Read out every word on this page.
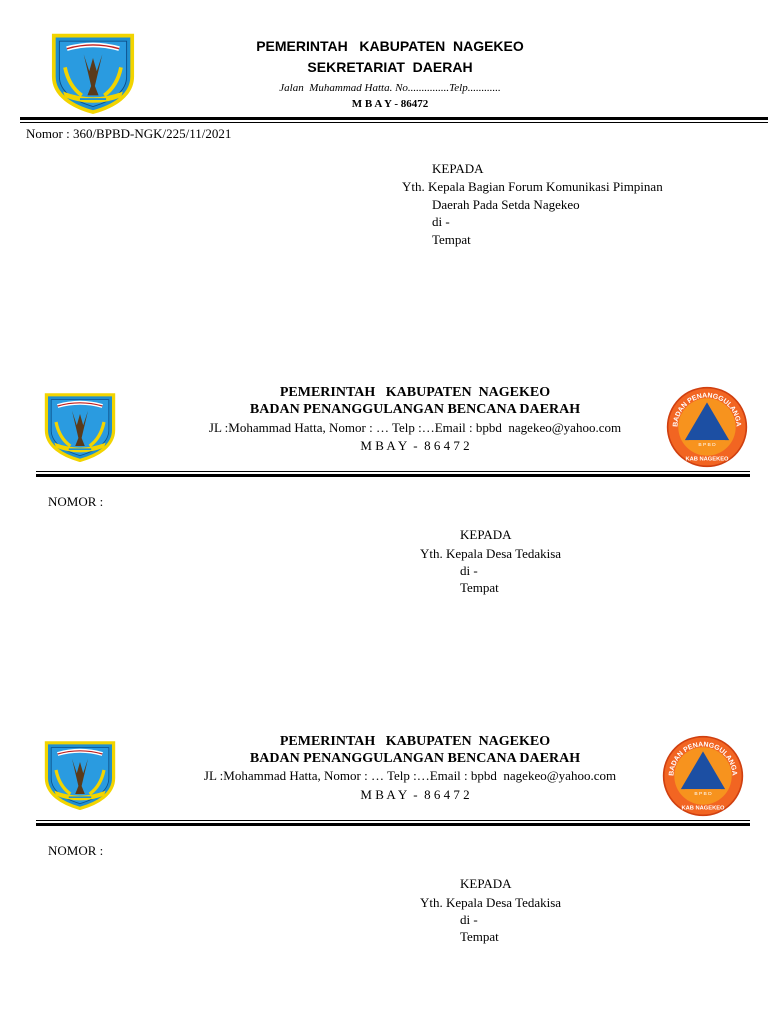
PEMERINTAH   KABUPATEN  NAGEKEO
SEKRETARIAT  DAERAH
Jalan  Muhammad Hatta. No...............Telp............
M B A Y - 86472
Nomor : 360/BPBD-NGK/225/11/2021
KEPADA
Yth. Kepala Bagian Forum Komunikasi Pimpinan
Daerah Pada Setda Nagekeo
di -
Tempat
BADAN PENANGGULANGA
B P B D
KAB NAGEKEO
PEMERINTAH   KABUPATEN  NAGEKEO
BADAN PENANGGULANGAN BENCANA DAERAH
JL :Mohammad Hatta, Nomor : … Telp :…Email : bpbd  nagekeo@yahoo.com
M B A Y  -  8 6 4 7 2
NOMOR :
KEPADA
Yth. Kepala Desa Tedakisa
di -
Tempat
BADAN PENANGGULANGA
B P B D
KAB NAGEKEO
PEMERINTAH   KABUPATEN  NAGEKEO
BADAN PENANGGULANGAN BENCANA DAERAH
JL :Mohammad Hatta, Nomor : … Telp :…Email : bpbd  nagekeo@yahoo.com
M B A Y  -  8 6 4 7 2
NOMOR :
KEPADA
Yth. Kepala Desa Tedakisa
di -
Tempat
